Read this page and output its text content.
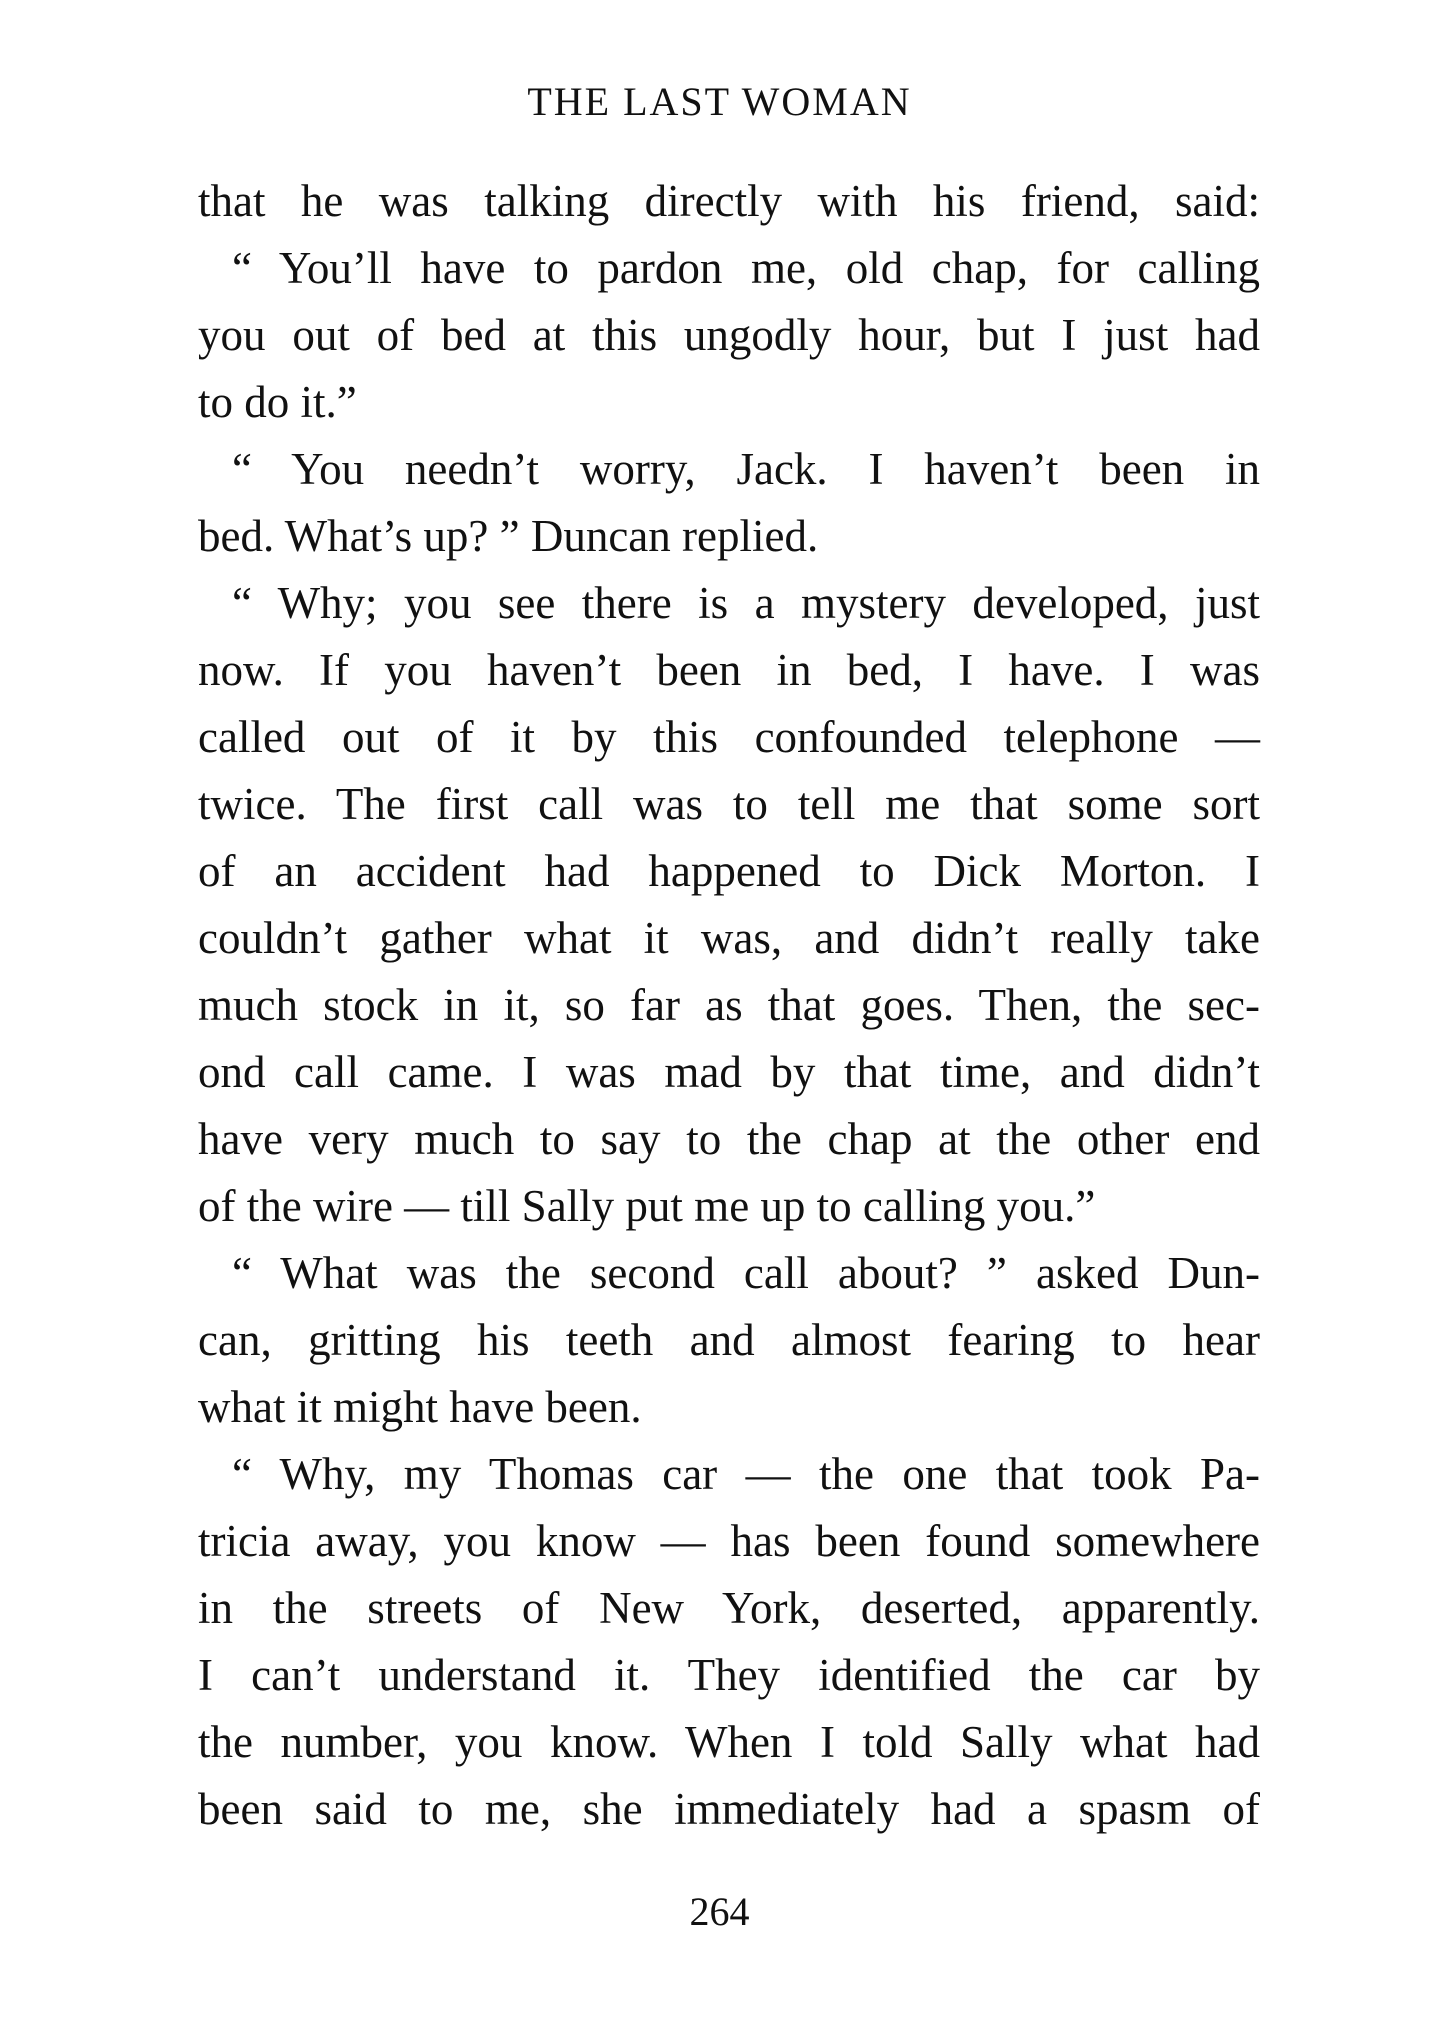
THE LAST WOMAN
that he was talking directly with his friend, said:
“ You’ll have to pardon me, old chap, for calling
you out of bed at this ungodly hour, but I just had
to do it.”
“ You needn’t worry, Jack. I haven’t been in
bed. What’s up? ” Duncan replied.
“ Why; you see there is a mystery developed, just
now. If you haven’t been in bed, I have. I was
called out of it by this confounded telephone —
twice. The first call was to tell me that some sort
of an accident had happened to Dick Morton. I
couldn’t gather what it was, and didn’t really take
much stock in it, so far as that goes. Then, the sec-
ond call came. I was mad by that time, and didn’t
have very much to say to the chap at the other end
of the wire — till Sally put me up to calling you.”
“ What was the second call about? ” asked Dun-
can, gritting his teeth and almost fearing to hear
what it might have been.
“ Why, my Thomas car — the one that took Pa-
tricia away, you know — has been found somewhere
in the streets of New York, deserted, apparently.
I can’t understand it. They identified the car by
the number, you know. When I told Sally what had
been said to me, she immediately had a spasm of
264
